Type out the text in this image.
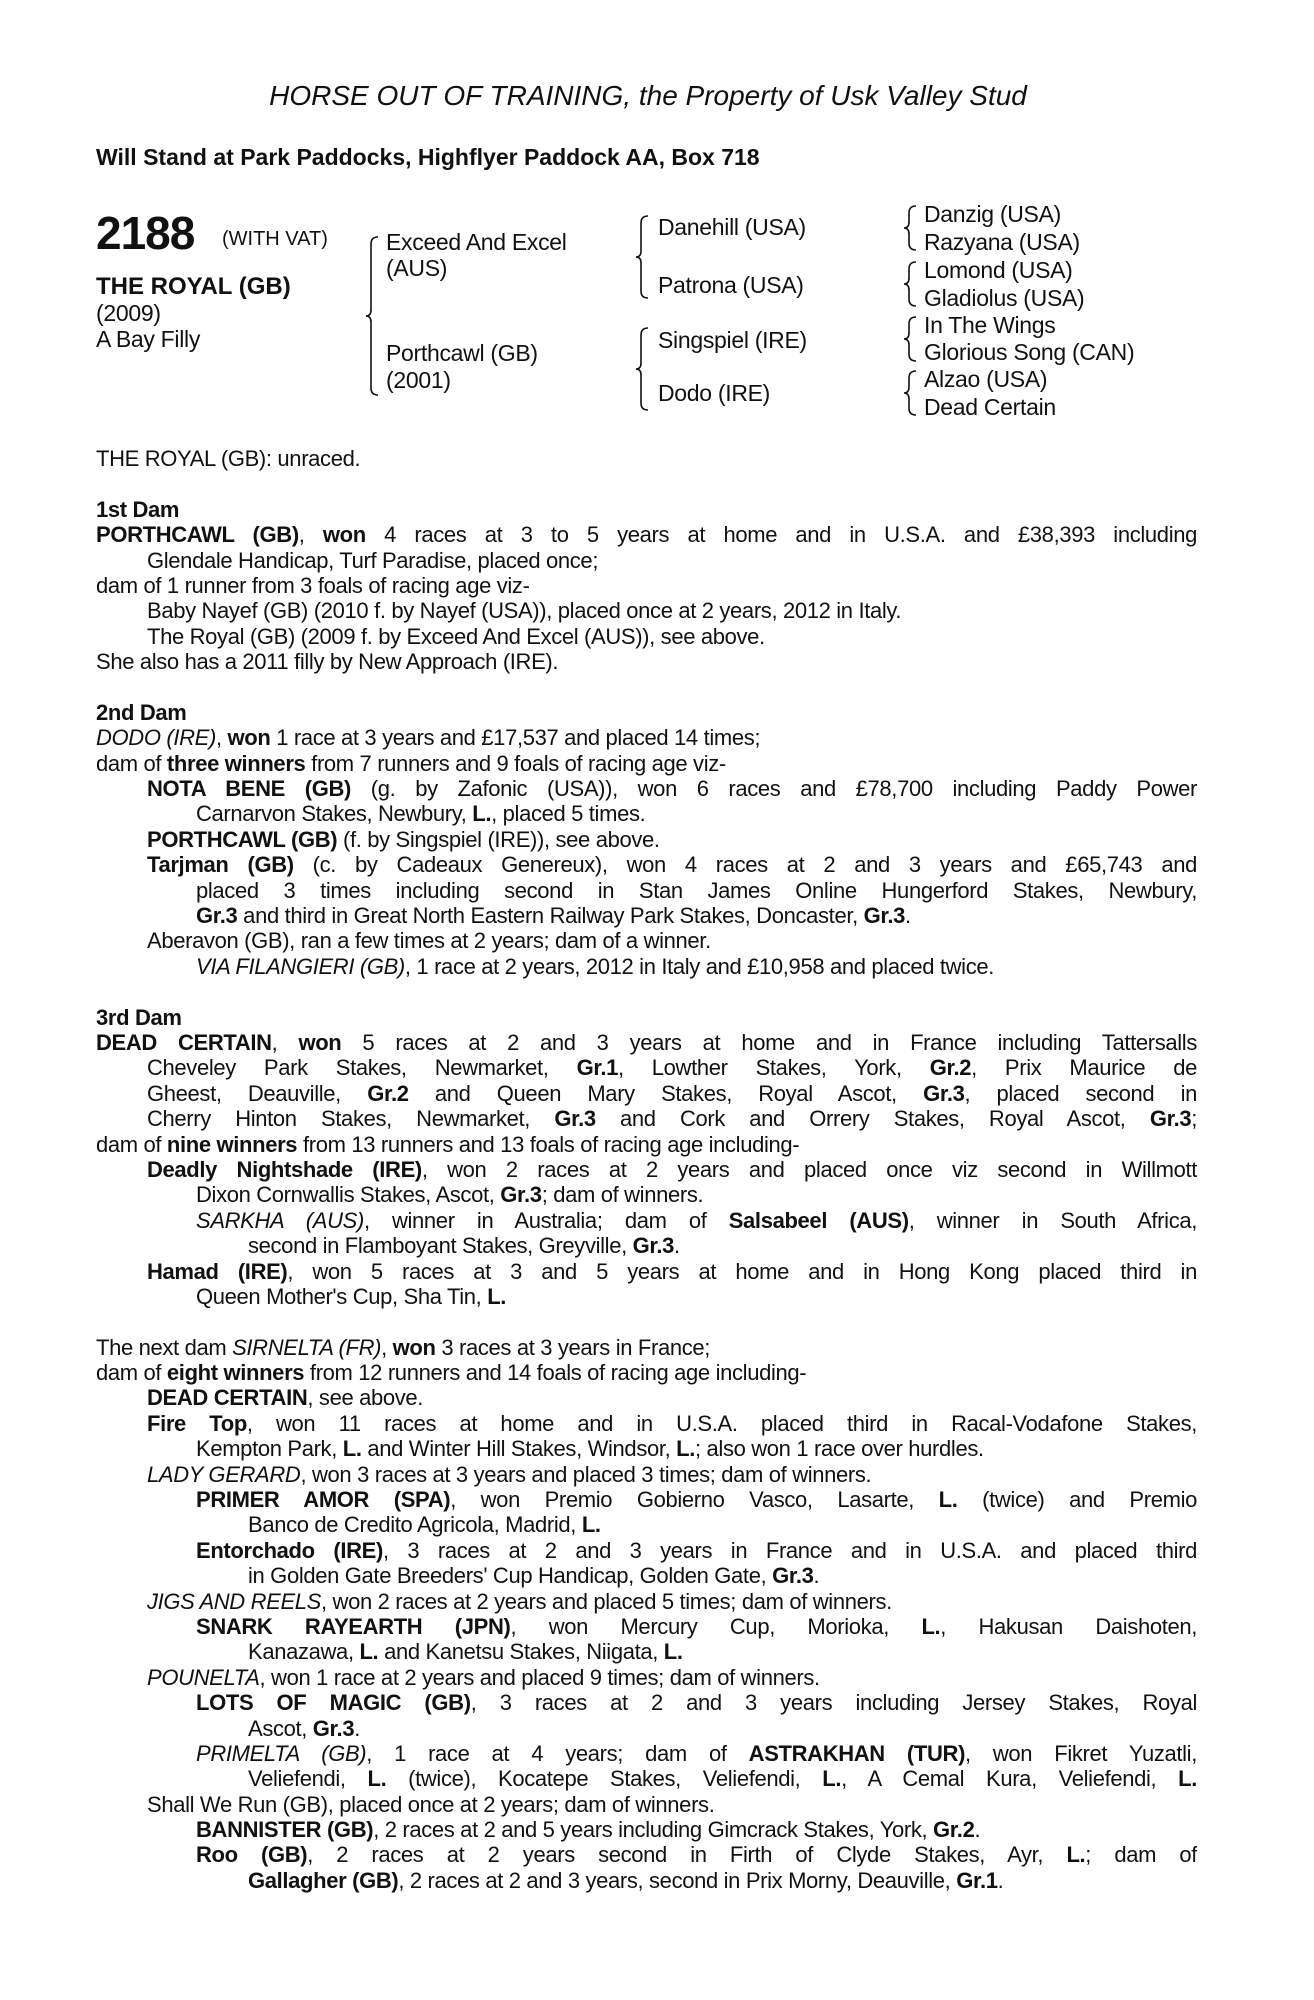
HORSE OUT OF TRAINING, the Property of Usk Valley Stud
Will Stand at Park Paddocks, Highflyer Paddock AA, Box 718
2188 (WITH VAT)
THE ROYAL (GB)
(2009)
A Bay Filly
Exceed And Excel
(AUS)
Porthcawl (GB)
(2001)
Danehill (USA)
Patrona (USA)
Singspiel (IRE)
Dodo (IRE)
Danzig (USA)
Razyana (USA)
Lomond (USA)
Gladiolus (USA)
In The Wings
Glorious Song (CAN)
Alzao (USA)
Dead Certain
THE ROYAL (GB): unraced.
1st Dam
PORTHCAWL (GB), won 4 races at 3 to 5 years at home and in U.S.A. and £38,393 including
Glendale Handicap, Turf Paradise, placed once;
dam of 1 runner from 3 foals of racing age viz-
Baby Nayef (GB) (2010 f. by Nayef (USA)), placed once at 2 years, 2012 in Italy.
The Royal (GB) (2009 f. by Exceed And Excel (AUS)), see above.
She also has a 2011 filly by New Approach (IRE).
2nd Dam
DODO (IRE), won 1 race at 3 years and £17,537 and placed 14 times;
dam of three winners from 7 runners and 9 foals of racing age viz-
NOTA BENE (GB) (g. by Zafonic (USA)), won 6 races and £78,700 including Paddy Power
Carnarvon Stakes, Newbury, L., placed 5 times.
PORTHCAWL (GB) (f. by Singspiel (IRE)), see above.
Tarjman (GB) (c. by Cadeaux Genereux), won 4 races at 2 and 3 years and £65,743 and
placed 3 times including second in Stan James Online Hungerford Stakes, Newbury,
Gr.3 and third in Great North Eastern Railway Park Stakes, Doncaster, Gr.3.
Aberavon (GB), ran a few times at 2 years; dam of a winner.
VIA FILANGIERI (GB), 1 race at 2 years, 2012 in Italy and £10,958 and placed twice.
3rd Dam
DEAD CERTAIN, won 5 races at 2 and 3 years at home and in France including Tattersalls
Cheveley Park Stakes, Newmarket, Gr.1, Lowther Stakes, York, Gr.2, Prix Maurice de
Gheest, Deauville, Gr.2 and Queen Mary Stakes, Royal Ascot, Gr.3, placed second in
Cherry Hinton Stakes, Newmarket, Gr.3 and Cork and Orrery Stakes, Royal Ascot, Gr.3;
dam of nine winners from 13 runners and 13 foals of racing age including-
Deadly Nightshade (IRE), won 2 races at 2 years and placed once viz second in Willmott
Dixon Cornwallis Stakes, Ascot, Gr.3; dam of winners.
SARKHA (AUS), winner in Australia; dam of Salsabeel (AUS), winner in South Africa,
second in Flamboyant Stakes, Greyville, Gr.3.
Hamad (IRE), won 5 races at 3 and 5 years at home and in Hong Kong placed third in
Queen Mother's Cup, Sha Tin, L.
The next dam SIRNELTA (FR), won 3 races at 3 years in France;
dam of eight winners from 12 runners and 14 foals of racing age including-
DEAD CERTAIN, see above.
Fire Top, won 11 races at home and in U.S.A. placed third in Racal-Vodafone Stakes,
Kempton Park, L. and Winter Hill Stakes, Windsor, L.; also won 1 race over hurdles.
LADY GERARD, won 3 races at 3 years and placed 3 times; dam of winners.
PRIMER AMOR (SPA), won Premio Gobierno Vasco, Lasarte, L. (twice) and Premio
Banco de Credito Agricola, Madrid, L.
Entorchado (IRE), 3 races at 2 and 3 years in France and in U.S.A. and placed third
in Golden Gate Breeders' Cup Handicap, Golden Gate, Gr.3.
JIGS AND REELS, won 2 races at 2 years and placed 5 times; dam of winners.
SNARK RAYEARTH (JPN), won Mercury Cup, Morioka, L., Hakusan Daishoten,
Kanazawa, L. and Kanetsu Stakes, Niigata, L.
POUNELTA, won 1 race at 2 years and placed 9 times; dam of winners.
LOTS OF MAGIC (GB), 3 races at 2 and 3 years including Jersey Stakes, Royal
Ascot, Gr.3.
PRIMELTA (GB), 1 race at 4 years; dam of ASTRAKHAN (TUR), won Fikret Yuzatli,
Veliefendi, L. (twice), Kocatepe Stakes, Veliefendi, L., A Cemal Kura, Veliefendi, L.
Shall We Run (GB), placed once at 2 years; dam of winners.
BANNISTER (GB), 2 races at 2 and 5 years including Gimcrack Stakes, York, Gr.2.
Roo (GB), 2 races at 2 years second in Firth of Clyde Stakes, Ayr, L.; dam of
Gallagher (GB), 2 races at 2 and 3 years, second in Prix Morny, Deauville, Gr.1.
